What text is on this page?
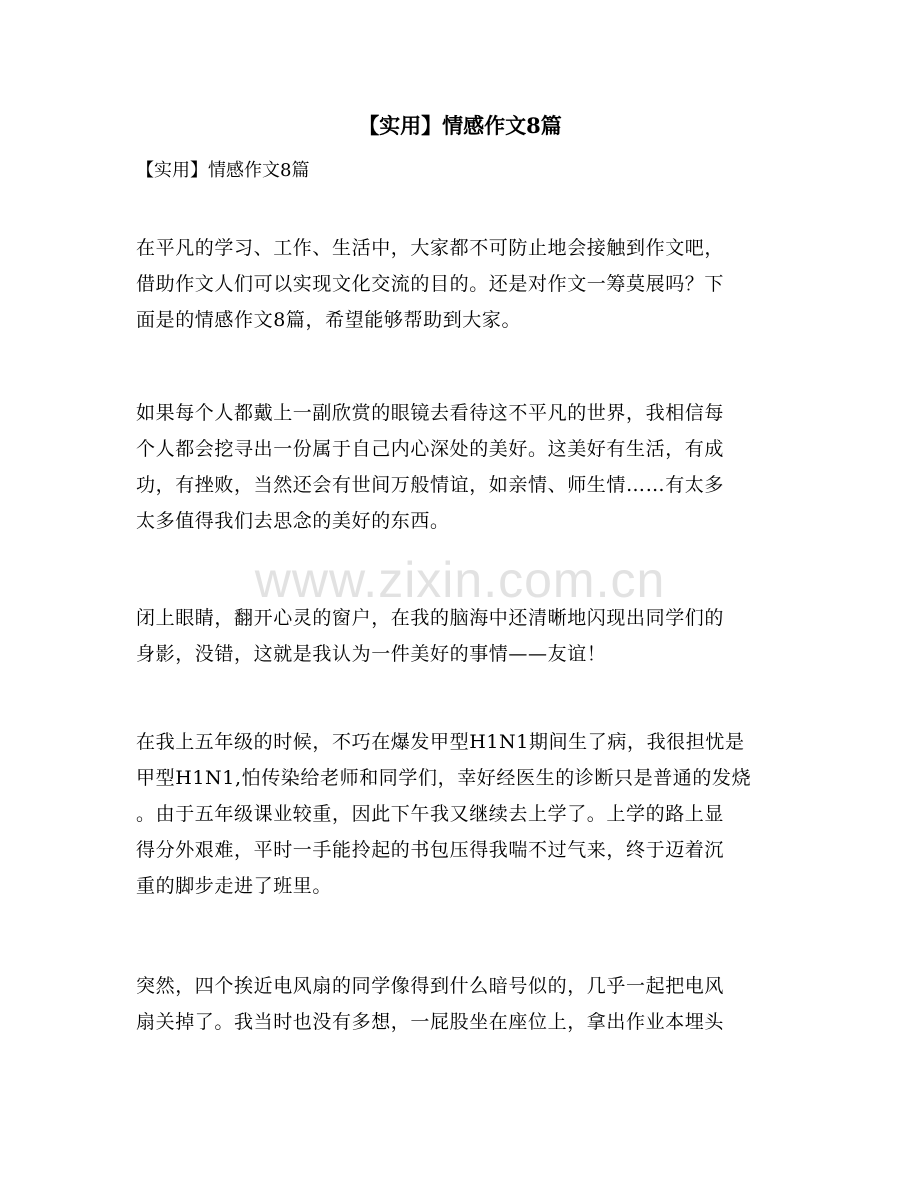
www.zixin.com.cn
【实用】情感作文8篇
【实用】情感作文8篇
在平凡的学习、工作、生活中，大家都不可防止地会接触到作文吧，
借助作文人们可以实现文化交流的目的。还是对作文一筹莫展吗？下
面是的情感作文8篇，希望能够帮助到大家。
如果每个人都戴上一副欣赏的眼镜去看待这不平凡的世界，我相信每
个人都会挖寻出一份属于自己内心深处的美好。这美好有生活，有成
功，有挫败，当然还会有世间万般情谊，如亲情、师生情……有太多
太多值得我们去思念的美好的东西。
闭上眼睛，翻开心灵的窗户，在我的脑海中还清晰地闪现出同学们的
身影，没错，这就是我认为一件美好的事情——友谊！
在我上五年级的时候，不巧在爆发甲型H1N1期间生了病，我很担忧是
甲型H1N1,怕传染给老师和同学们，幸好经医生的诊断只是普通的发烧
。由于五年级课业较重，因此下午我又继续去上学了。上学的路上显
得分外艰难，平时一手能拎起的书包压得我喘不过气来，终于迈着沉
重的脚步走进了班里。
突然，四个挨近电风扇的同学像得到什么暗号似的，几乎一起把电风
扇关掉了。我当时也没有多想，一屁股坐在座位上，拿出作业本埋头
